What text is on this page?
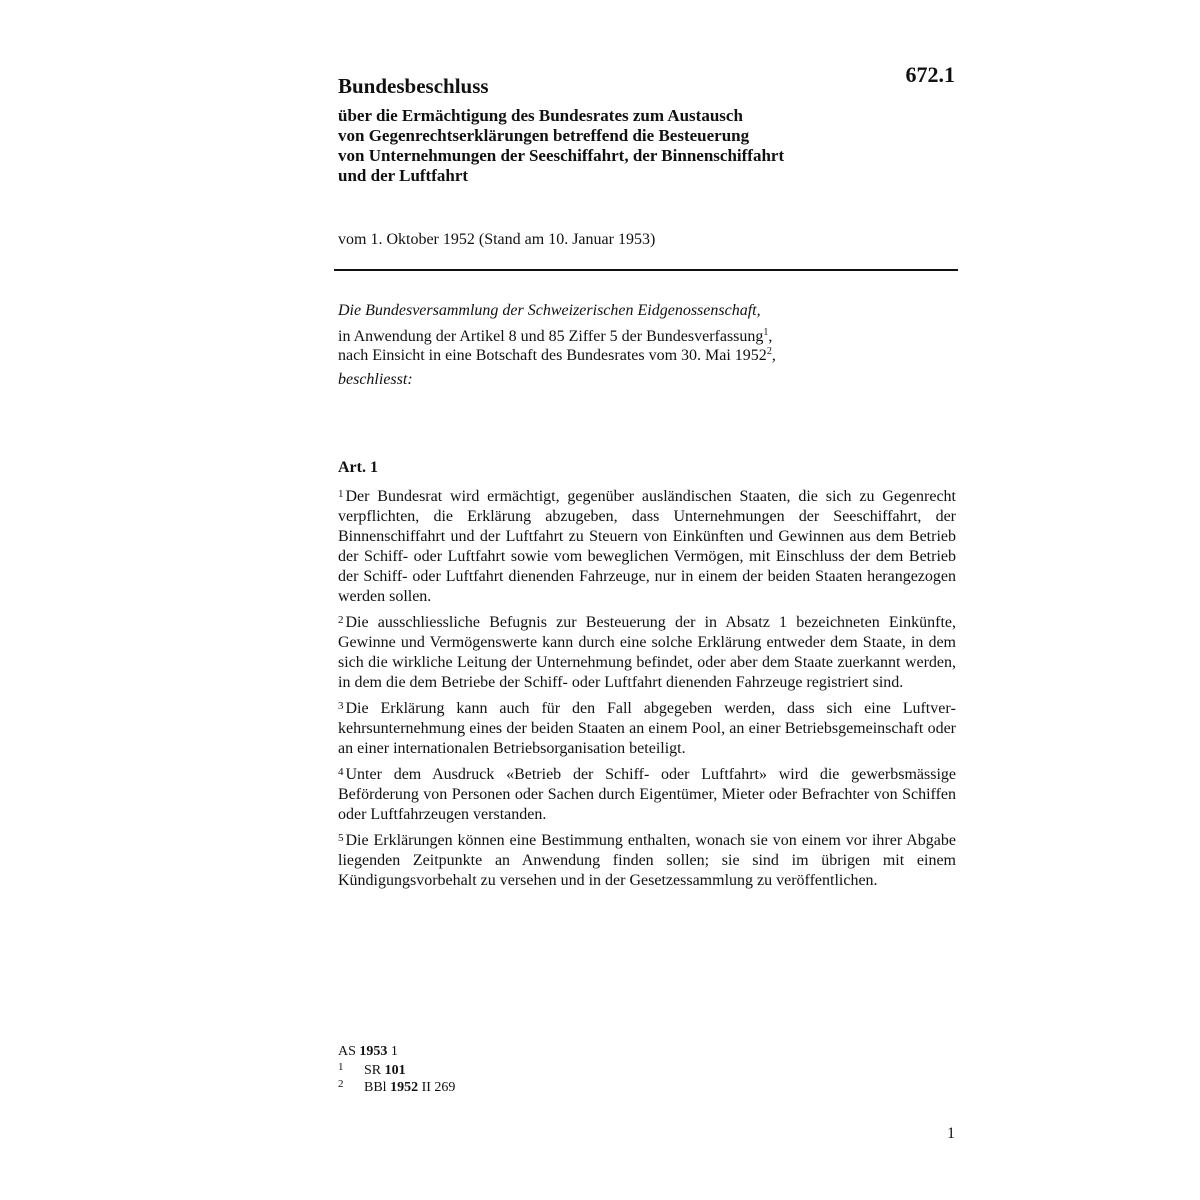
672.1
Bundesbeschluss

über die Ermächtigung des Bundesrates zum Austausch
von Gegenrechtserklärungen betreffend die Besteuerung
von Unternehmungen der Seeschiffahrt, der Binnenschiffahrt
und der Luftfahrt

vom 1. Oktober 1952 (Stand am 10. Januar 1953)

Die Bundesversammlung der Schweizerischen Eidgenossenschaft,

in Anwendung der Artikel 8 und 85 Ziffer 5 der Bundesverfassung$^1$,

nach Einsicht in eine Botschaft des Bundesrates vom 30. Mai 1952$^2$,

beschliesst:

Art. 1

$^1$ Der Bundesrat wird ermächtigt, gegenüber ausländischen Staaten, die sich zu Gegenrecht verpflichten, die Erklärung abzugeben, dass Unternehmungen der Seeschiffahrt, der Binnenschiffahrt und der Luftfahrt zu Steuern von Einkünften und Gewinnen aus dem Betrieb der Schiff- oder Luftfahrt sowie vom beweglichen Vermögen, mit Einschluss der dem Betrieb der Schiff- oder Luftfahrt dienenden Fahrzeuge, nur in einem der beiden Staaten herangezogen werden sollen.

$^2$ Die ausschliessliche Befugnis zur Besteuerung der in Absatz 1 bezeichneten Einkünfte, Gewinne und Vermögenswerte kann durch eine solche Erklärung entweder dem Staate, in dem sich die wirkliche Leitung der Unternehmung befindet, oder aber dem Staate zuerkannt werden, in dem die dem Betriebe der Schiff- oder Luftfahrt dienenden Fahrzeuge registriert sind.

$^3$ Die Erklärung kann auch für den Fall abgegeben werden, dass sich eine Luftverkehrsunternehmung eines der beiden Staaten an einem Pool, an einer Betriebsgemeinschaft oder an einer internationalen Betriebsorganisation beteiligt.

$^4$ Unter dem Ausdruck «Betrieb der Schiff- oder Luftfahrt» wird die gewerbsmässige Beförderung von Personen oder Sachen durch Eigentümer, Mieter oder Befrachter von Schiffen oder Luftfahrzeugen verstanden.

$^5$ Die Erklärungen können eine Bestimmung enthalten, wonach sie von einem vor ihrer Abgabe liegenden Zeitpunkte an Anwendung finden sollen; sie sind im übrigen mit einem Kündigungsvorbehalt zu versehen und in der Gesetzessammlung zu veröffentlichen.

AS 1953 1

1	SR 101

2	BBl 1952 II 269

1
